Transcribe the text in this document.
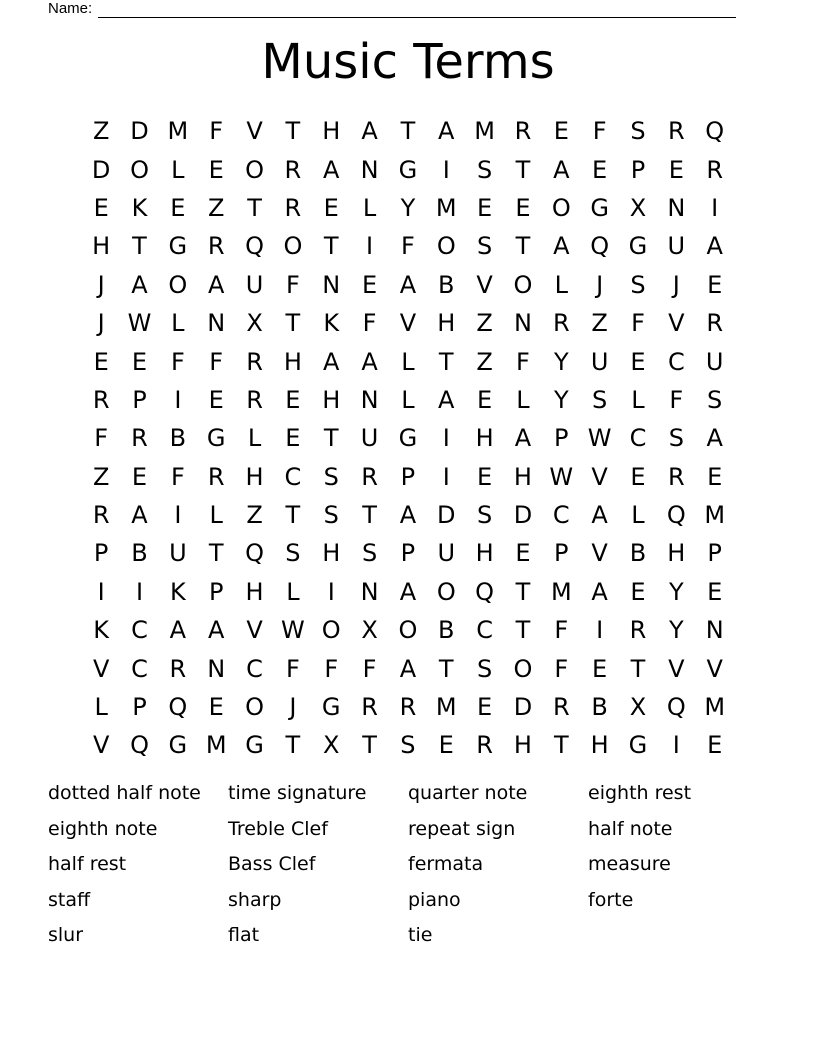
Name:
Music Terms
Z D M F V T H A T A M R E F S R Q
D O L	E O R A N G	I	S T A E P E R
E K E Z T R E	L	Y M E E O G X N	I
H T G R Q O T	I	F O S T A Q G U A
J	A O A U F N E A B V O L	J	S	J	E
J W L N X T K F V H Z N R Z F V R
E E F	F R H A A L	T Z F	Y U E C U
R P	I	E R E H N L A E	L	Y S	L	F S
F R B G L	E T U G	I	H A P W C S A
Z E F R H C S R P	I	E H W V E R E
R A	I	L Z T S T A D S D C A L Q M
P B U T Q S H S P U H E P V B H P
I	I	K P H L	I	N A O Q T M A E Y E
K C A A V W O X O B C T	F	I	R Y N
V C R N C F	F	F A T S O F E T V V
L	P Q E O	J	G R R M E D R B X Q M
V Q G M G T X T S E R H T H G	I	E
dotted half note	time signature	quarter note	eighth rest
eighth note	Treble Clef	repeat sign	half note
half rest	Bass Clef	fermata	measure
staff	sharp	piano	forte
slur	flat	tie
